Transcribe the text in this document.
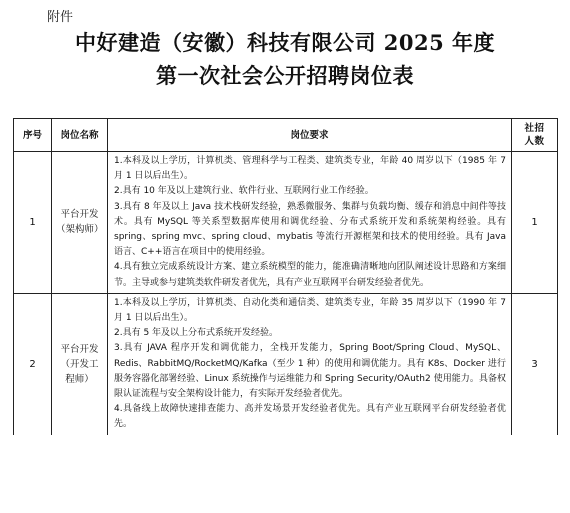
附件
中好建造（安徽）科技有限公司 2025 年度
第一次社会公开招聘岗位表
序号	岗位名称	岗位要求	社招
人数

1	平台开发（架构师）	1.本科及以上学历，计算机类、管理科学与工程类、建筑类专业，年龄 40 周岁以下（1985 年 7 月 1 日以后出生）。
2.具有 10 年及以上建筑行业、软件行业、互联网行业工作经验。
3.具有 8 年及以上 Java 技术栈研发经验，熟悉微服务、集群与负载均衡、缓存和消息中间件等技术。具有 MySQL 等关系型数据库使用和调优经验、分布式系统开发和系统架构经验。具有 spring、spring mvc、spring cloud、mybatis 等流行开源框架和技术的使用经验。具有 Java 语言、C++语言在项目中的使用经验。
4.具有独立完成系统设计方案、建立系统模型的能力，能准确清晰地向团队阐述设计思路和方案细节。主导或参与建筑类软件研发者优先，具有产业互联网平台研发经验者优先。	1
2	平台开发（开发工程师）	1.本科及以上学历，计算机类、自动化类和通信类、建筑类专业，年龄 35 周岁以下（1990 年 7 月 1 日以后出生）。
2.具有 5 年及以上分布式系统开发经验。
3.具有 JAVA 程序开发和调优能力，全栈开发能力，Spring Boot/Spring Cloud、MySQL、Redis、RabbitMQ/RocketMQ/Kafka（至少 1 种）的使用和调优能力。具有 K8s、Docker 进行服务容器化部署经验、Linux 系统操作与运维能力和 Spring Security/OAuth2 使用能力。具备权限认证流程与安全架构设计能力，有实际开发经验者优先。
4.具备线上故障快速排查能力、高并发场景开发经验者优先。具有产业互联网平台研发经验者优先。	3
